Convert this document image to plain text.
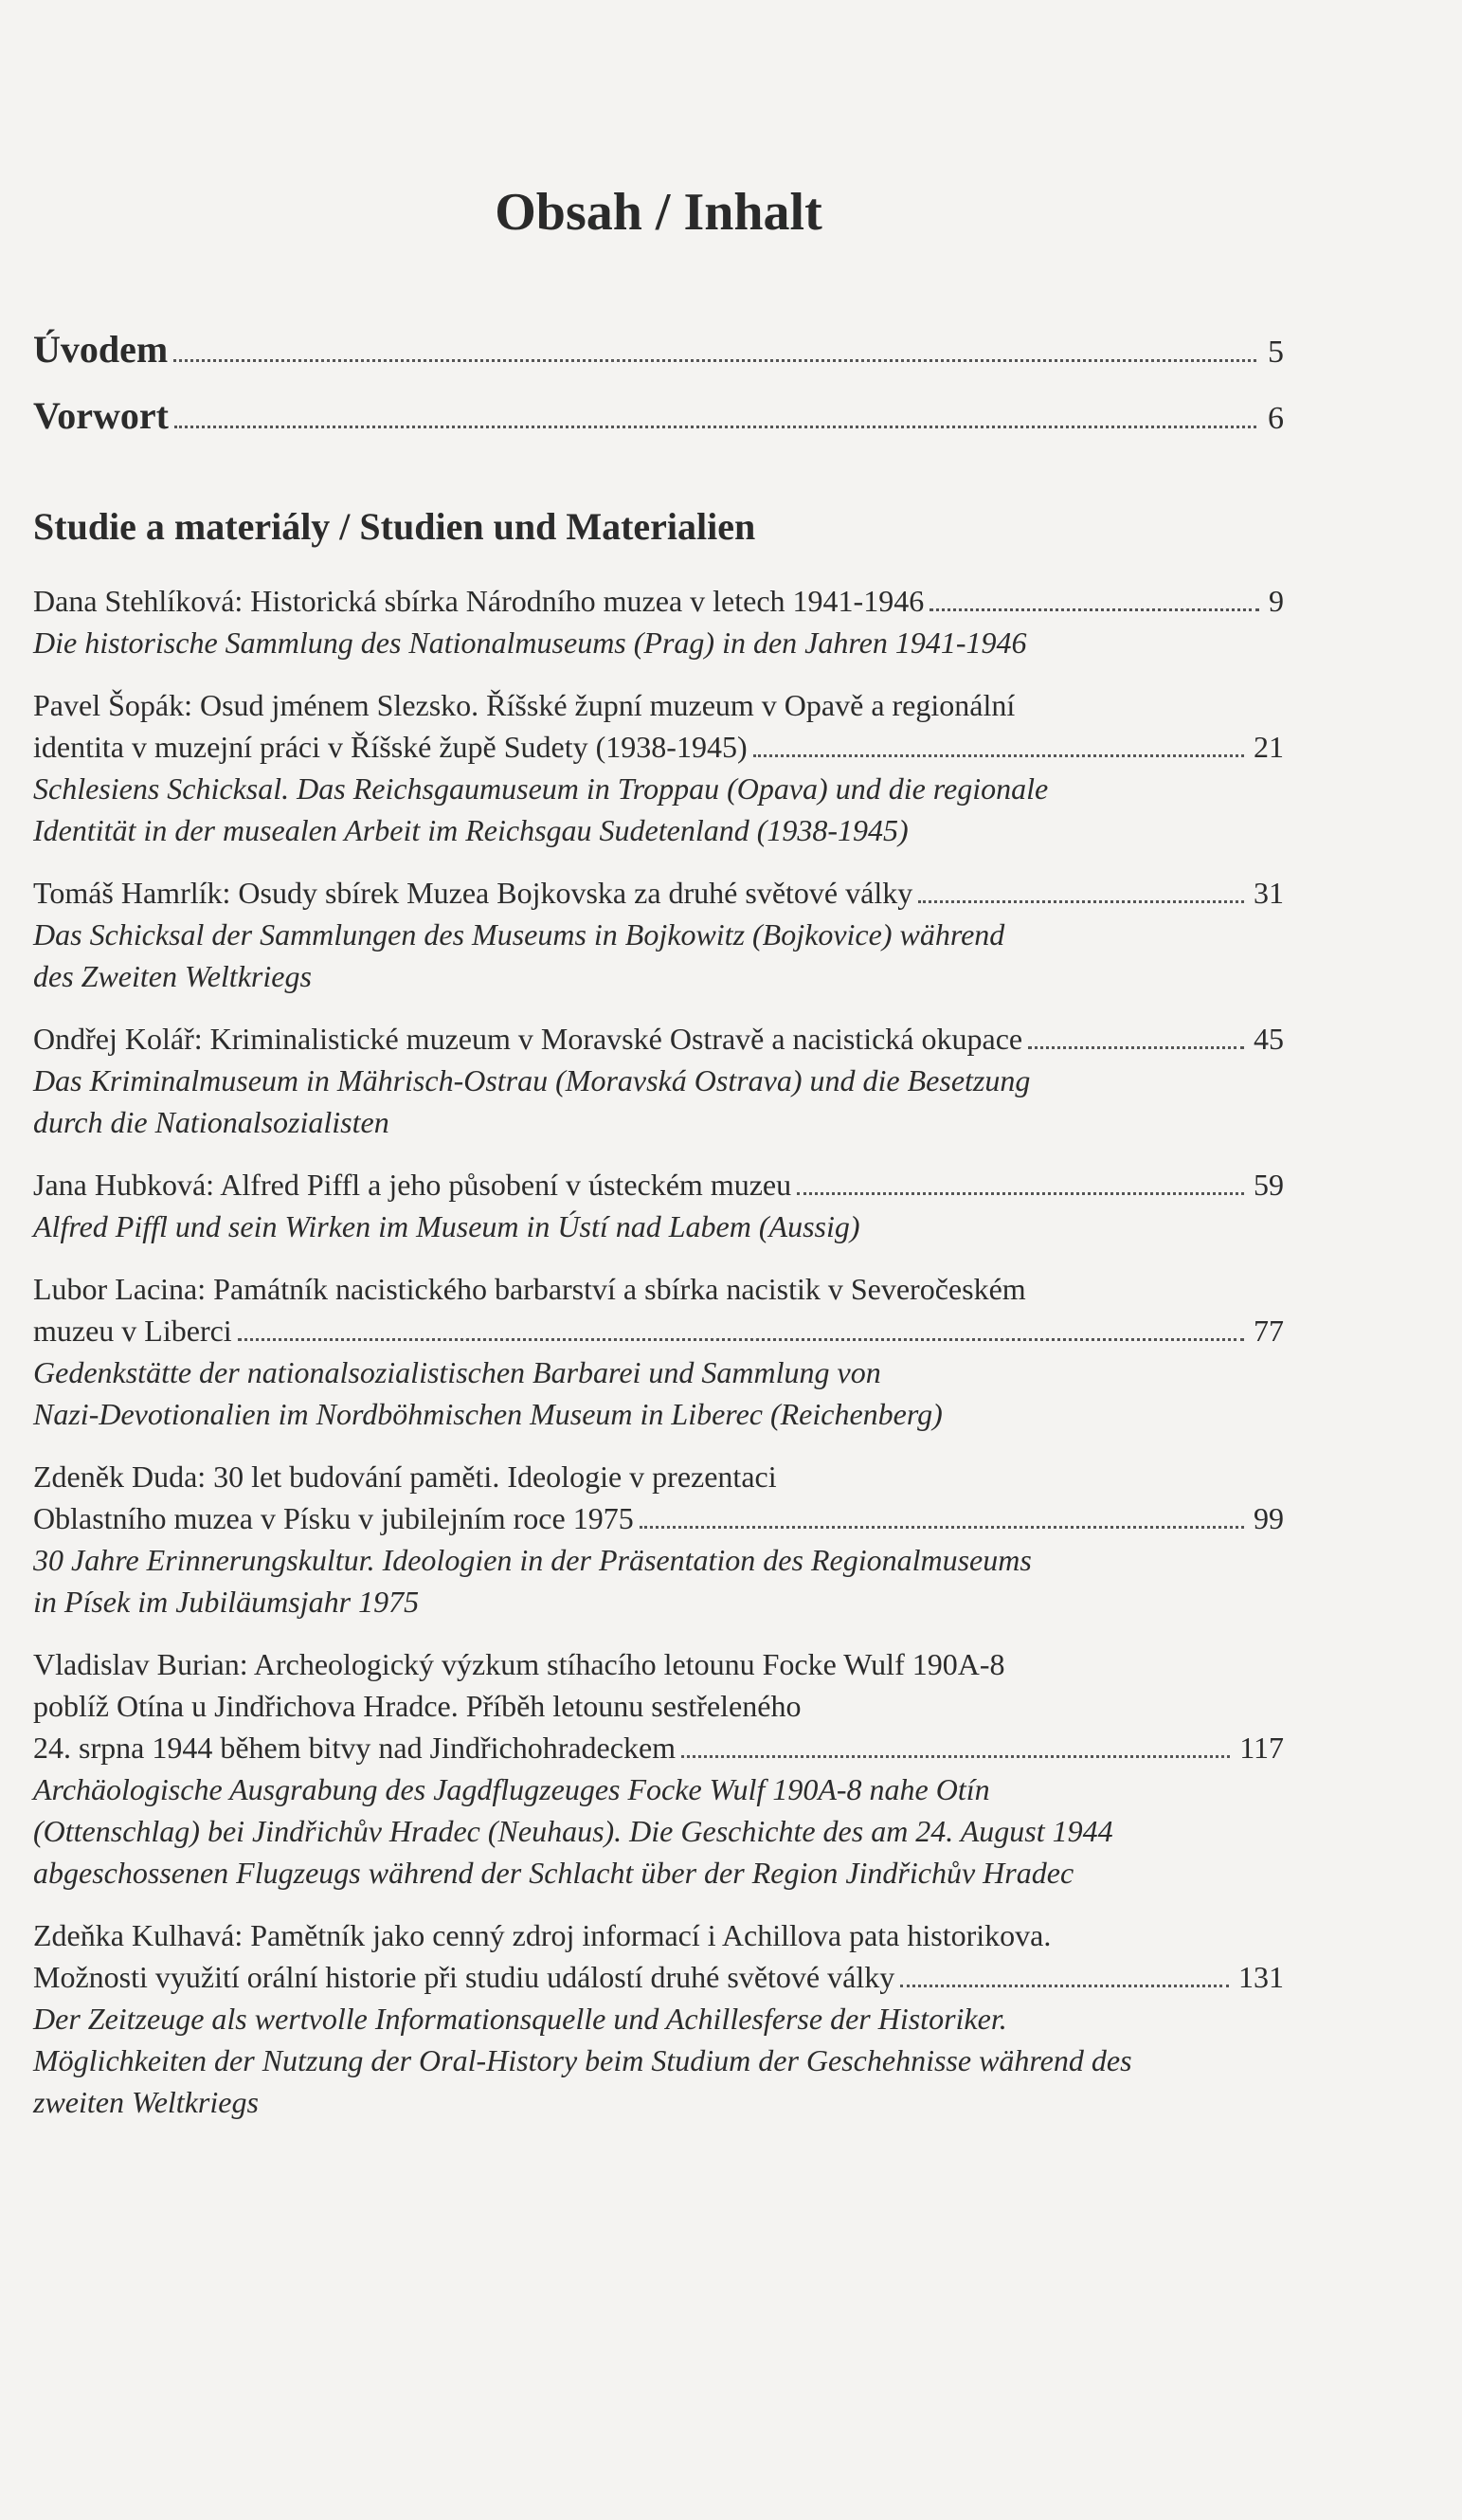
Obsah / Inhalt
Úvodem	5
Vorwort	6
Studie a materiály / Studien und Materialien
Dana Stehlíková: Historická sbírka Národního muzea v letech 1941-1946	9
Die historische Sammlung des Nationalmuseums (Prag) in den Jahren 1941-1946
Pavel Šopák: Osud jménem Slezsko. Říšské župní muzeum v Opavě a regionální
identita v muzejní práci v Říšské župě Sudety (1938-1945)	21
Schlesiens Schicksal. Das Reichsgaumuseum in Troppau (Opava) und die regionale
Identität in der musealen Arbeit im Reichsgau Sudetenland (1938-1945)
Tomáš Hamrlík: Osudy sbírek Muzea Bojkovska za druhé světové války	31
Das Schicksal der Sammlungen des Museums in Bojkowitz (Bojkovice) während
des Zweiten Weltkriegs
Ondřej Kolář: Kriminalistické muzeum v Moravské Ostravě a nacistická okupace	45
Das Kriminalmuseum in Mährisch-Ostrau (Moravská Ostrava) und die Besetzung
durch die Nationalsozialisten
Jana Hubková: Alfred Piffl a jeho působení v ústeckém muzeu	59
Alfred Piffl und sein Wirken im Museum in Ústí nad Labem (Aussig)
Lubor Lacina: Památník nacistického barbarství a sbírka nacistik v Severočeském
muzeu v Liberci	77
Gedenkstätte der nationalsozialistischen Barbarei und Sammlung von
Nazi-Devotionalien im Nordböhmischen Museum in Liberec (Reichenberg)
Zdeněk Duda: 30 let budování paměti. Ideologie v prezentaci
Oblastního muzea v Písku v jubilejním roce 1975	99
30 Jahre Erinnerungskultur. Ideologien in der Präsentation des Regionalmuseums
in Písek im Jubiläumsjahr 1975
Vladislav Burian: Archeologický výzkum stíhacího letounu Focke Wulf 190A-8
poblíž Otína u Jindřichova Hradce. Příběh letounu sestřeleného
24. srpna 1944 během bitvy nad Jindřichohradeckem	117
Archäologische Ausgrabung des Jagdflugzeuges Focke Wulf 190A-8 nahe Otín
(Ottenschlag) bei Jindřichův Hradec (Neuhaus). Die Geschichte des am 24. August 1944
abgeschossenen Flugzeugs während der Schlacht über der Region Jindřichův Hradec
Zdeňka Kulhavá: Pamětník jako cenný zdroj informací i Achillova pata historikova.
Možnosti využití orální historie při studiu událostí druhé světové války	131
Der Zeitzeuge als wertvolle Informationsquelle und Achillesferse der Historiker.
Möglichkeiten der Nutzung der Oral-History beim Studium der Geschehnisse während des
zweiten Weltkriegs
